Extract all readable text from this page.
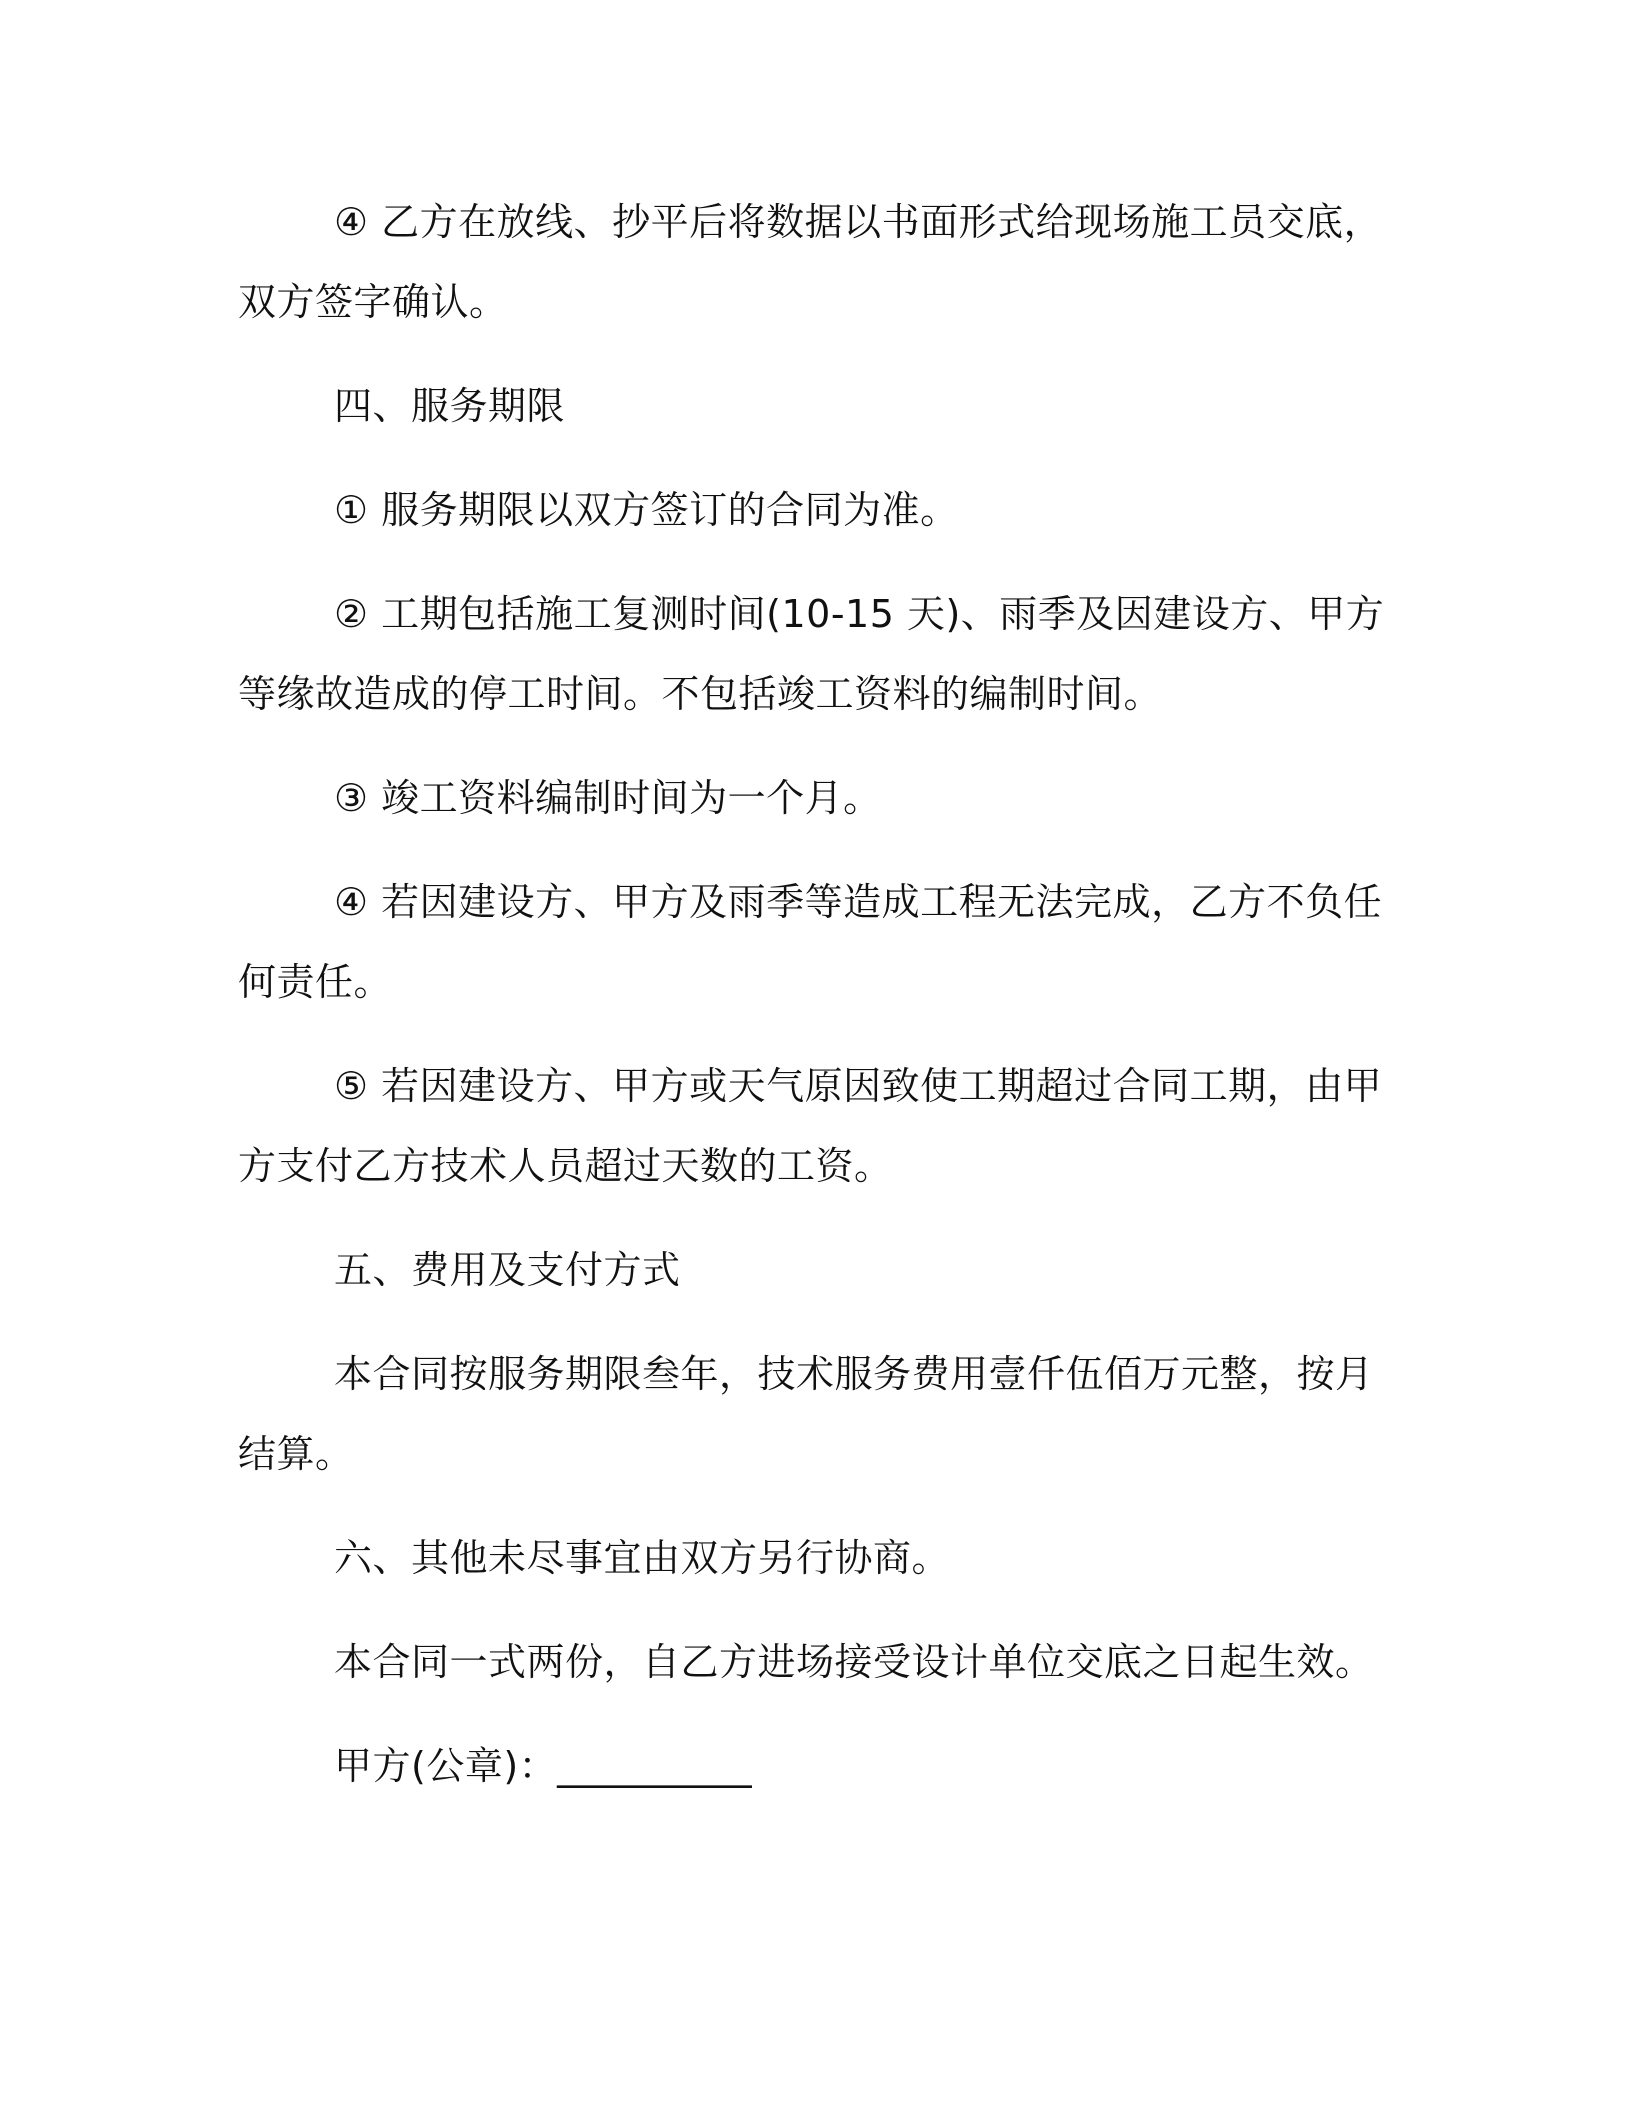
④ 乙方在放线、抄平后将数据以书面形式给现场施工员交底，双方签字确认。

四、服务期限

① 服务期限以双方签订的合同为准。

② 工期包括施工复测时间(10-15 天)、雨季及因建设方、甲方等缘故造成的停工时间。不包括竣工资料的编制时间。

③ 竣工资料编制时间为一个月。

④ 若因建设方、甲方及雨季等造成工程无法完成，乙方不负任何责任。

⑤ 若因建设方、甲方或天气原因致使工期超过合同工期，由甲方支付乙方技术人员超过天数的工资。

五、费用及支付方式

本合同按服务期限叁年，技术服务费用壹仟伍佰万元整，按月结算。

六、其他未尽事宜由双方另行协商。

本合同一式两份，自乙方进场接受设计单位交底之日起生效。

甲方(公章)：__________
